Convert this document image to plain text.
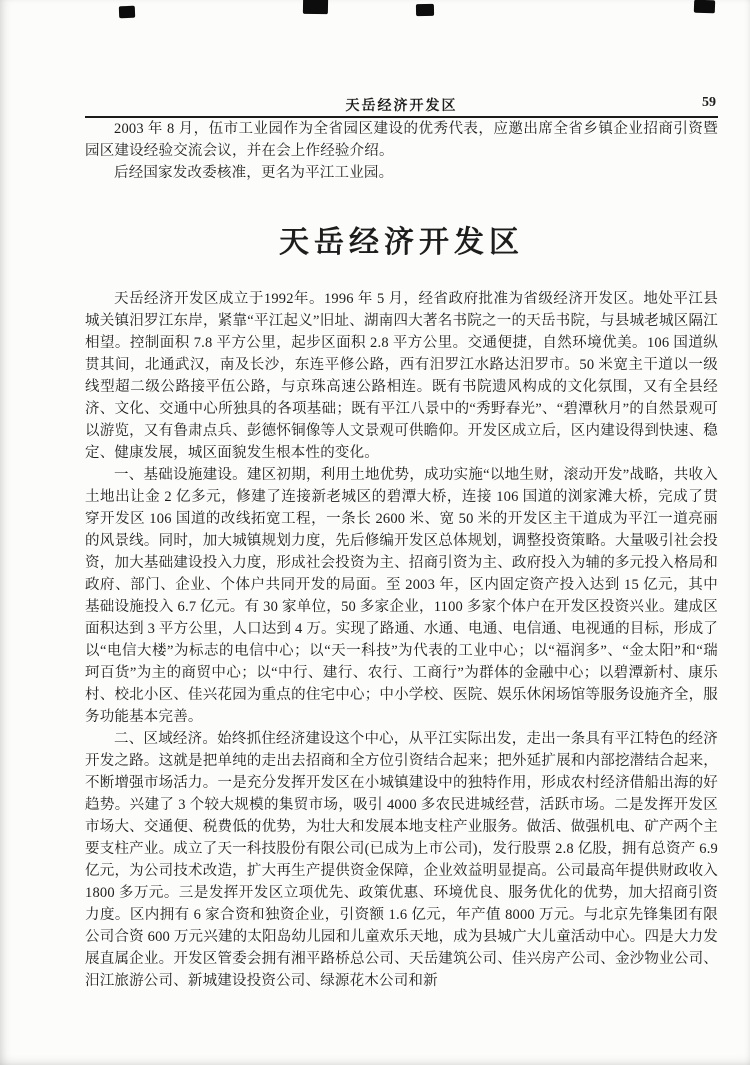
天岳经济开发区	59

2003 年 8 月，伍市工业园作为全省园区建设的优秀代表，应邀出席全省乡镇企业招商引资暨园区建设经验交流会议，并在会上作经验介绍。

后经国家发改委核准，更名为平江工业园。

天岳经济开发区

天岳经济开发区成立于1992年。1996 年 5 月，经省政府批准为省级经济开发区。地处平江县城关镇汨罗江东岸，紧靠“平江起义”旧址、湖南四大著名书院之一的天岳书院，与县城老城区隔江相望。控制面积 7.8 平方公里，起步区面积 2.8 平方公里。交通便捷，自然环境优美。106 国道纵贯其间，北通武汉，南及长沙，东连平修公路，西有汨罗江水路达汨罗市。50 米宽主干道以一级线型超二级公路接平伍公路，与京珠高速公路相连。既有书院遗风构成的文化氛围，又有全县经济、文化、交通中心所独具的各项基础；既有平江八景中的“秀野春光”、“碧潭秋月”的自然景观可以游览，又有鲁肃点兵、彭德怀铜像等人文景观可供瞻仰。开发区成立后，区内建设得到快速、稳定、健康发展，城区面貌发生根本性的变化。

一、基础设施建设。建区初期，利用土地优势，成功实施“以地生财，滚动开发”战略，共收入土地出让金 2 亿多元，修建了连接新老城区的碧潭大桥，连接 106 国道的浏家滩大桥，完成了贯穿开发区 106 国道的改线拓宽工程，一条长 2600 米、宽 50 米的开发区主干道成为平江一道亮丽的风景线。同时，加大城镇规划力度，先后修编开发区总体规划，调整投资策略。大量吸引社会投资，加大基础建设投入力度，形成社会投资为主、招商引资为主、政府投入为辅的多元投入格局和政府、部门、企业、个体户共同开发的局面。至 2003 年，区内固定资产投入达到 15 亿元，其中基础设施投入 6.7 亿元。有 30 家单位，50 多家企业，1100 多家个体户在开发区投资兴业。建成区面积达到 3 平方公里，人口达到 4 万。实现了路通、水通、电通、电信通、电视通的目标，形成了以“电信大楼”为标志的电信中心；以“天一科技”为代表的工业中心；以“福润多”、“金太阳”和“瑞珂百货”为主的商贸中心；以“中行、建行、农行、工商行”为群体的金融中心；以碧潭新村、康乐村、校北小区、佳兴花园为重点的住宅中心；中小学校、医院、娱乐休闲场馆等服务设施齐全，服务功能基本完善。

二、区域经济。始终抓住经济建设这个中心，从平江实际出发，走出一条具有平江特色的经济开发之路。这就是把单纯的走出去招商和全方位引资结合起来；把外延扩展和内部挖潜结合起来，不断增强市场活力。一是充分发挥开发区在小城镇建设中的独特作用，形成农村经济借船出海的好趋势。兴建了 3 个较大规模的集贸市场，吸引 4000 多农民进城经营，活跃市场。二是发挥开发区市场大、交通便、税费低的优势，为壮大和发展本地支柱产业服务。做活、做强机电、矿产两个主要支柱产业。成立了天一科技股份有限公司(已成为上市公司)，发行股票 2.8 亿股，拥有总资产 6.9 亿元，为公司技术改造，扩大再生产提供资金保障，企业效益明显提高。公司最高年提供财政收入 1800 多万元。三是发挥开发区立项优先、政策优惠、环境优良、服务优化的优势，加大招商引资力度。区内拥有 6 家合资和独资企业，引资额 1.6 亿元，年产值 8000 万元。与北京先锋集团有限公司合资 600 万元兴建的太阳岛幼儿园和儿童欢乐天地，成为县城广大儿童活动中心。四是大力发展直属企业。开发区管委会拥有湘平路桥总公司、天岳建筑公司、佳兴房产公司、金沙物业公司、汨江旅游公司、新城建设投资公司、绿源花木公司和新
